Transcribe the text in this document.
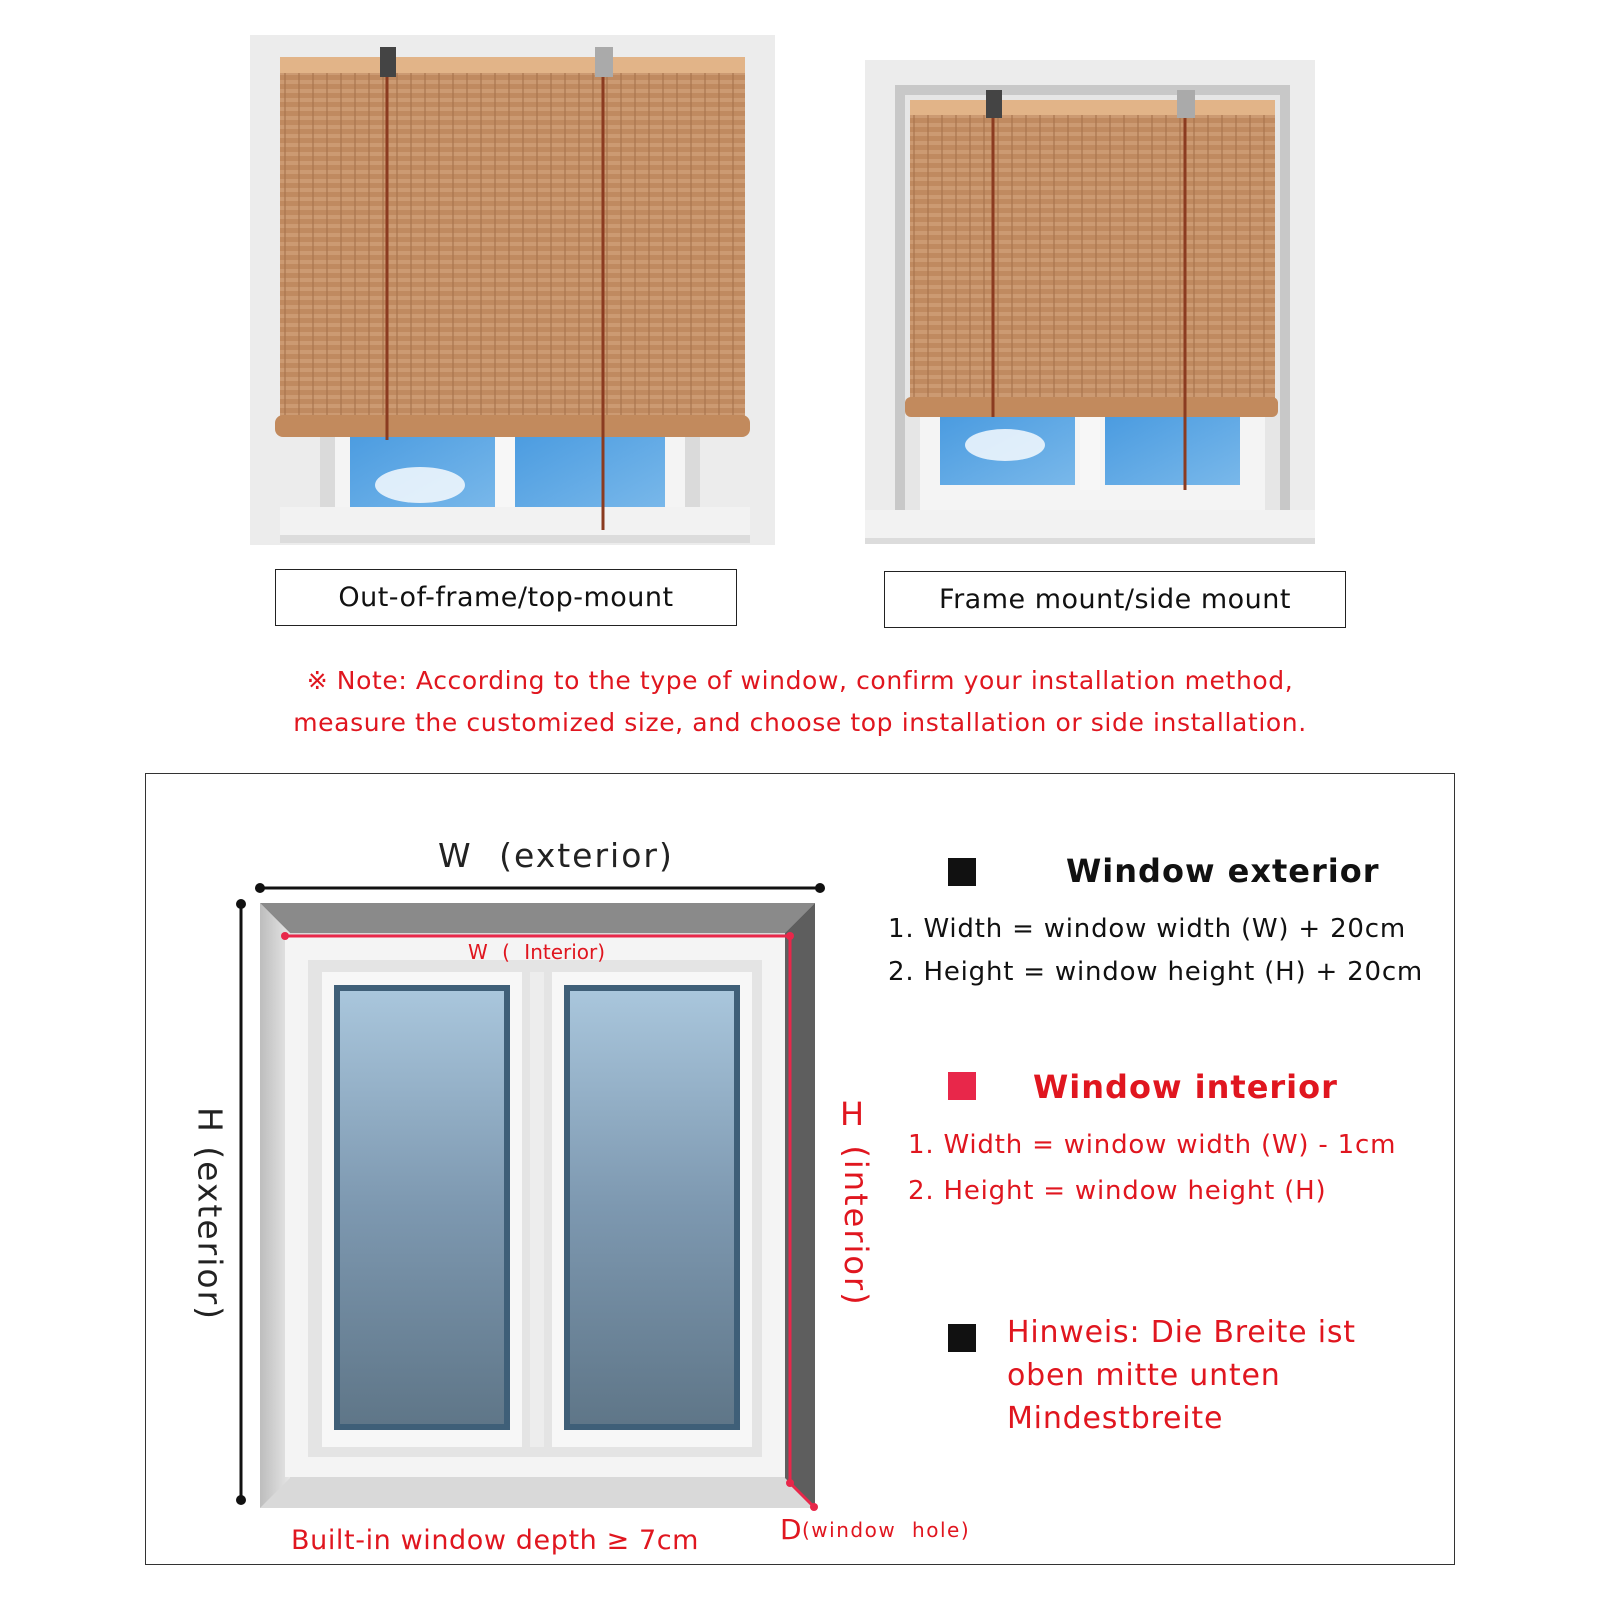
Out-of-frame/top-mount	Frame mount/side mount
※ Note: According to the type of window, confirm your installation method,
measure the customized size, and choose top installation or side installation.
W (exterior)
W ( Interior)
H (exterior)	H
(interior)
Built-in window depth ≥ 7cm	D (window hole)
Window exterior
1. Width = window width (W) + 20cm
2. Height = window height (H) + 20cm
Window interior
1. Width = window width (W) - 1cm
2. Height = window height (H)
Hinweis: Die Breite ist
oben mitte unten
Mindestbreite
